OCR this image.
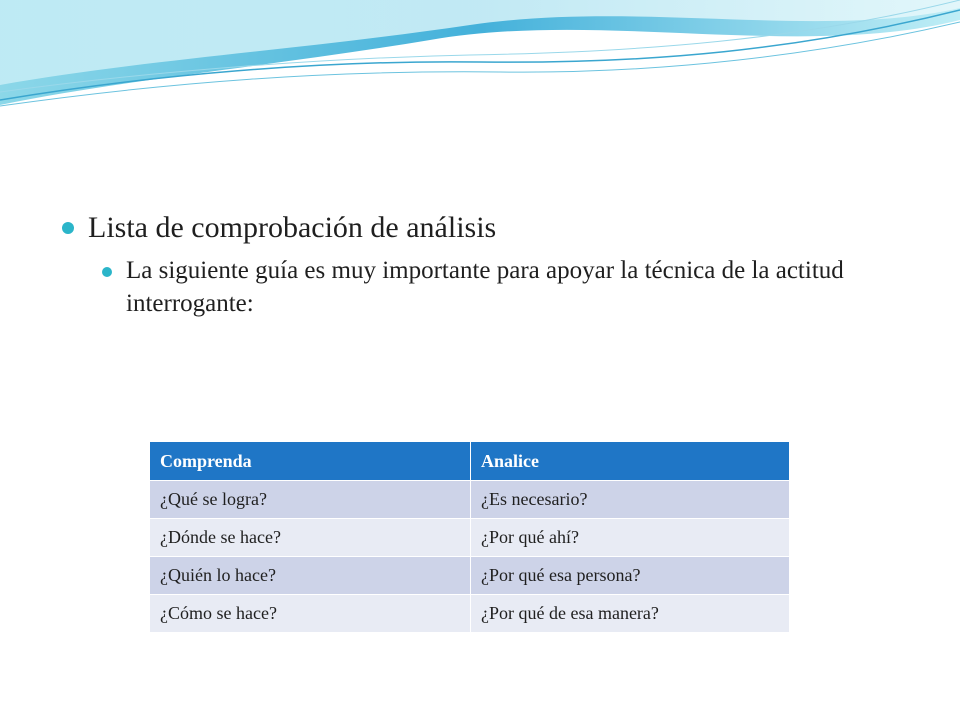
Lista de comprobación de análisis
La siguiente guía es muy importante para apoyar la técnica de la actitud interrogante:
Comprenda	Analice
¿Qué se logra?	¿Es necesario?
¿Dónde se hace?	¿Por qué ahí?
¿Quién lo hace?	¿Por qué esa persona?
¿Cómo se hace?	¿Por qué de esa manera?
